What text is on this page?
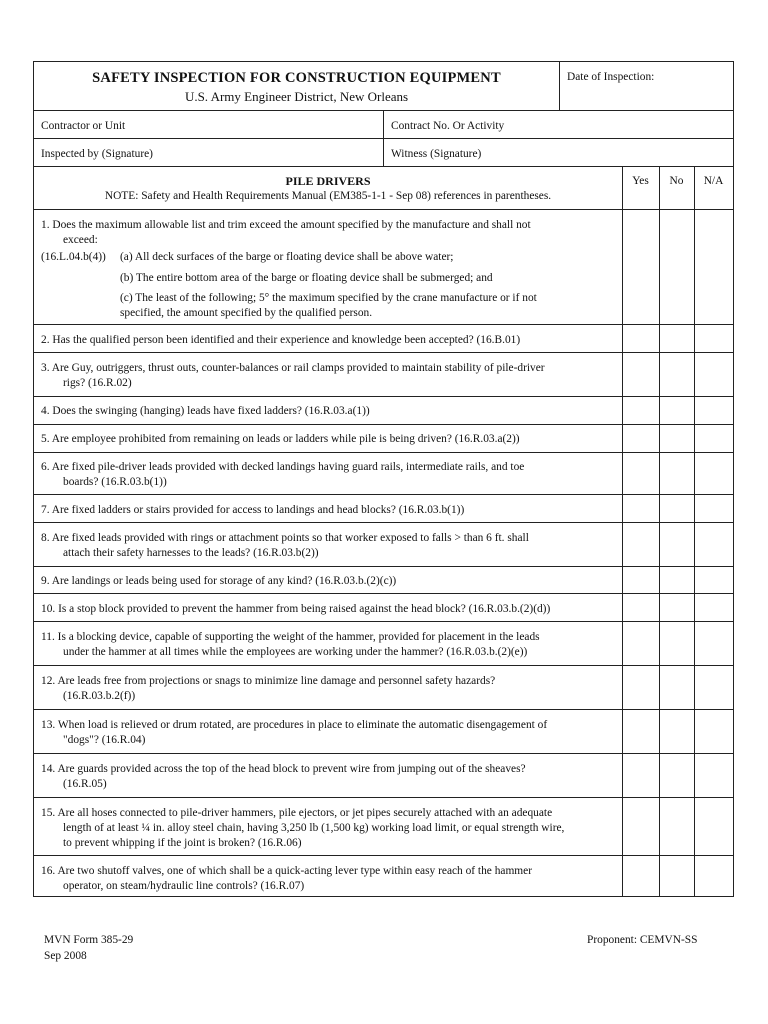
SAFETY INSPECTION FOR CONSTRUCTION EQUIPMENT
U.S. Army Engineer District, New Orleans
Date of Inspection:
Contractor or Unit	Contract No. Or Activity
Inspected by (Signature)	Witness (Signature)
PILE DRIVERS
NOTE: Safety and Health Requirements Manual (EM385-1-1 - Sep 08) references in parentheses.
Yes	No	N/A
1. Does the maximum allowable list and trim exceed the amount specified by the manufacture and shall not
exceed:
(16.L.04.b(4)) (a) All deck surfaces of the barge or floating device shall be above water;
(b) The entire bottom area of the barge or floating device shall be submerged; and
(c) The least of the following; 5° the maximum specified by the crane manufacture or if not
specified, the amount specified by the qualified person.
2. Has the qualified person been identified and their experience and knowledge been accepted? (16.B.01)
3. Are Guy, outriggers, thrust outs, counter-balances or rail clamps provided to maintain stability of pile-driver
rigs? (16.R.02)
4. Does the swinging (hanging) leads have fixed ladders? (16.R.03.a(1))
5. Are employee prohibited from remaining on leads or ladders while pile is being driven? (16.R.03.a(2))
6. Are fixed pile-driver leads provided with decked landings having guard rails, intermediate rails, and toe
boards? (16.R.03.b(1))
7. Are fixed ladders or stairs provided for access to landings and head blocks? (16.R.03.b(1))
8. Are fixed leads provided with rings or attachment points so that worker exposed to falls > than 6 ft. shall
attach their safety harnesses to the leads? (16.R.03.b(2))
9. Are landings or leads being used for storage of any kind? (16.R.03.b.(2)(c))
10. Is a stop block provided to prevent the hammer from being raised against the head block? (16.R.03.b.(2)(d))
11. Is a blocking device, capable of supporting the weight of the hammer, provided for placement in the leads
under the hammer at all times while the employees are working under the hammer? (16.R.03.b.(2)(e))
12. Are leads free from projections or snags to minimize line damage and personnel safety hazards?
(16.R.03.b.2(f))
13. When load is relieved or drum rotated, are procedures in place to eliminate the automatic disengagement of
"dogs"? (16.R.04)
14. Are guards provided across the top of the head block to prevent wire from jumping out of the sheaves?
(16.R.05)
15. Are all hoses connected to pile-driver hammers, pile ejectors, or jet pipes securely attached with an adequate
length of at least ¼ in. alloy steel chain, having 3,250 lb (1,500 kg) working load limit, or equal strength wire,
to prevent whipping if the joint is broken? (16.R.06)
16. Are two shutoff valves, one of which shall be a quick-acting lever type within easy reach of the hammer
operator, on steam/hydraulic line controls? (16.R.07)
MVN Form 385-29
Sep 2008
Proponent: CEMVN-SS
